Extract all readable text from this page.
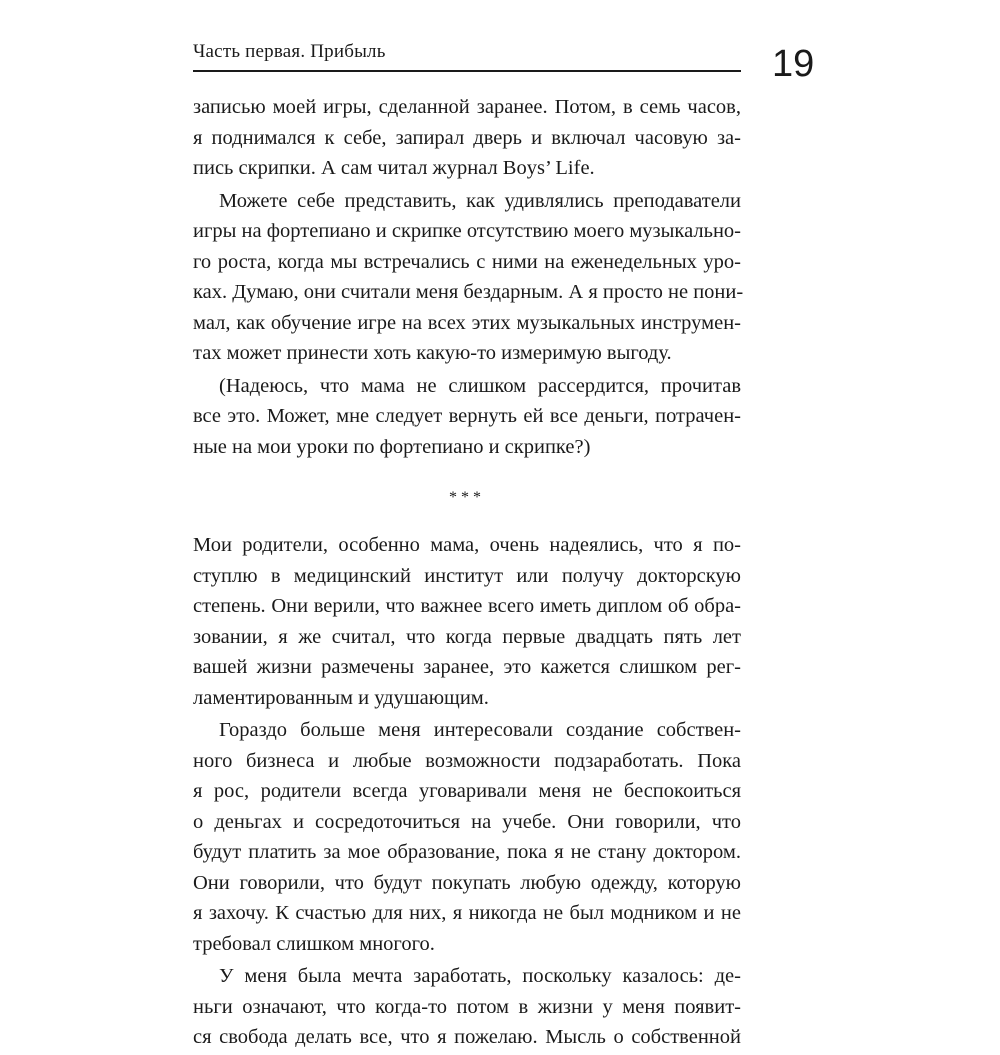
Часть первая. Прибыль	19
записью моей игры, сделанной заранее. Потом, в семь часов,
я поднимался к себе, запирал дверь и включал часовую за-
пись скрипки. А сам читал журнал Boys’ Life.
Можете себе представить, как удивлялись преподаватели
игры на фортепиано и скрипке отсутствию моего музыкально-
го роста, когда мы встречались с ними на еженедельных уро-
ках. Думаю, они считали меня бездарным. А я просто не пони-
мал, как обучение игре на всех этих музыкальных инструмен-
тах может принести хоть какую-то измеримую выгоду.
(Надеюсь, что мама не слишком рассердится, прочитав
все это. Может, мне следует вернуть ей все деньги, потрачен-
ные на мои уроки по фортепиано и скрипке?)
***
Мои родители, особенно мама, очень надеялись, что я по-
ступлю в медицинский институт или получу докторскую
степень. Они верили, что важнее всего иметь диплом об обра-
зовании, я же считал, что когда первые двадцать пять лет
вашей жизни размечены заранее, это кажется слишком рег-
ламентированным и удушающим.
Гораздо больше меня интересовали создание собствен-
ного бизнеса и любые возможности подзаработать. Пока
я рос, родители всегда уговаривали меня не беспокоиться
о деньгах и сосредоточиться на учебе. Они говорили, что
будут платить за мое образование, пока я не стану доктором.
Они говорили, что будут покупать любую одежду, которую
я захочу. К счастью для них, я никогда не был модником и не
требовал слишком многого.
У меня была мечта заработать, поскольку казалось: де-
ньги означают, что когда-то потом в жизни у меня появит-
ся свобода делать все, что я пожелаю. Мысль о собственной
